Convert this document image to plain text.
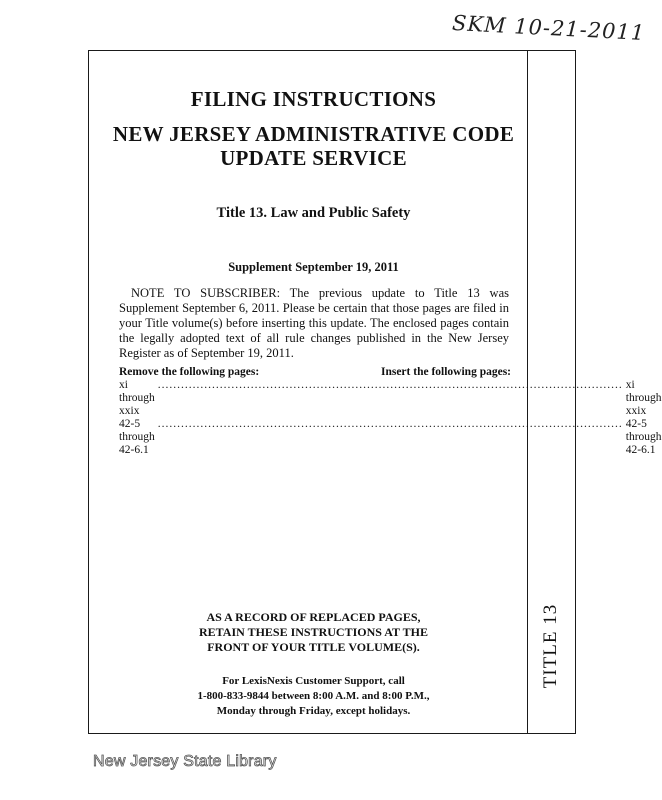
SKM 10-21-2011
TITLE 13
FILING INSTRUCTIONS
NEW JERSEY ADMINISTRATIVE CODE
UPDATE SERVICE
Title 13. Law and Public Safety
Supplement September 19, 2011
NOTE TO SUBSCRIBER: The previous update to Title 13 was Supplement September 6, 2011. Please be certain that those pages are filed in your Title volume(s) before inserting this update. The enclosed pages contain the legally adopted text of all rule changes published in the New Jersey Register as of September 19, 2011.
Remove the following pages:	Insert the following pages:
xi through xxix
.....
xi through xxix
42-5 through 42-6.1
.....
42-5 through 42-6.1
AS A RECORD OF REPLACED PAGES,
RETAIN THESE INSTRUCTIONS AT THE
FRONT OF YOUR TITLE VOLUME(S).
For LexisNexis Customer Support, call
1-800-833-9844 between 8:00 A.M. and 8:00 P.M.,
Monday through Friday, except holidays.
New Jersey State Library
